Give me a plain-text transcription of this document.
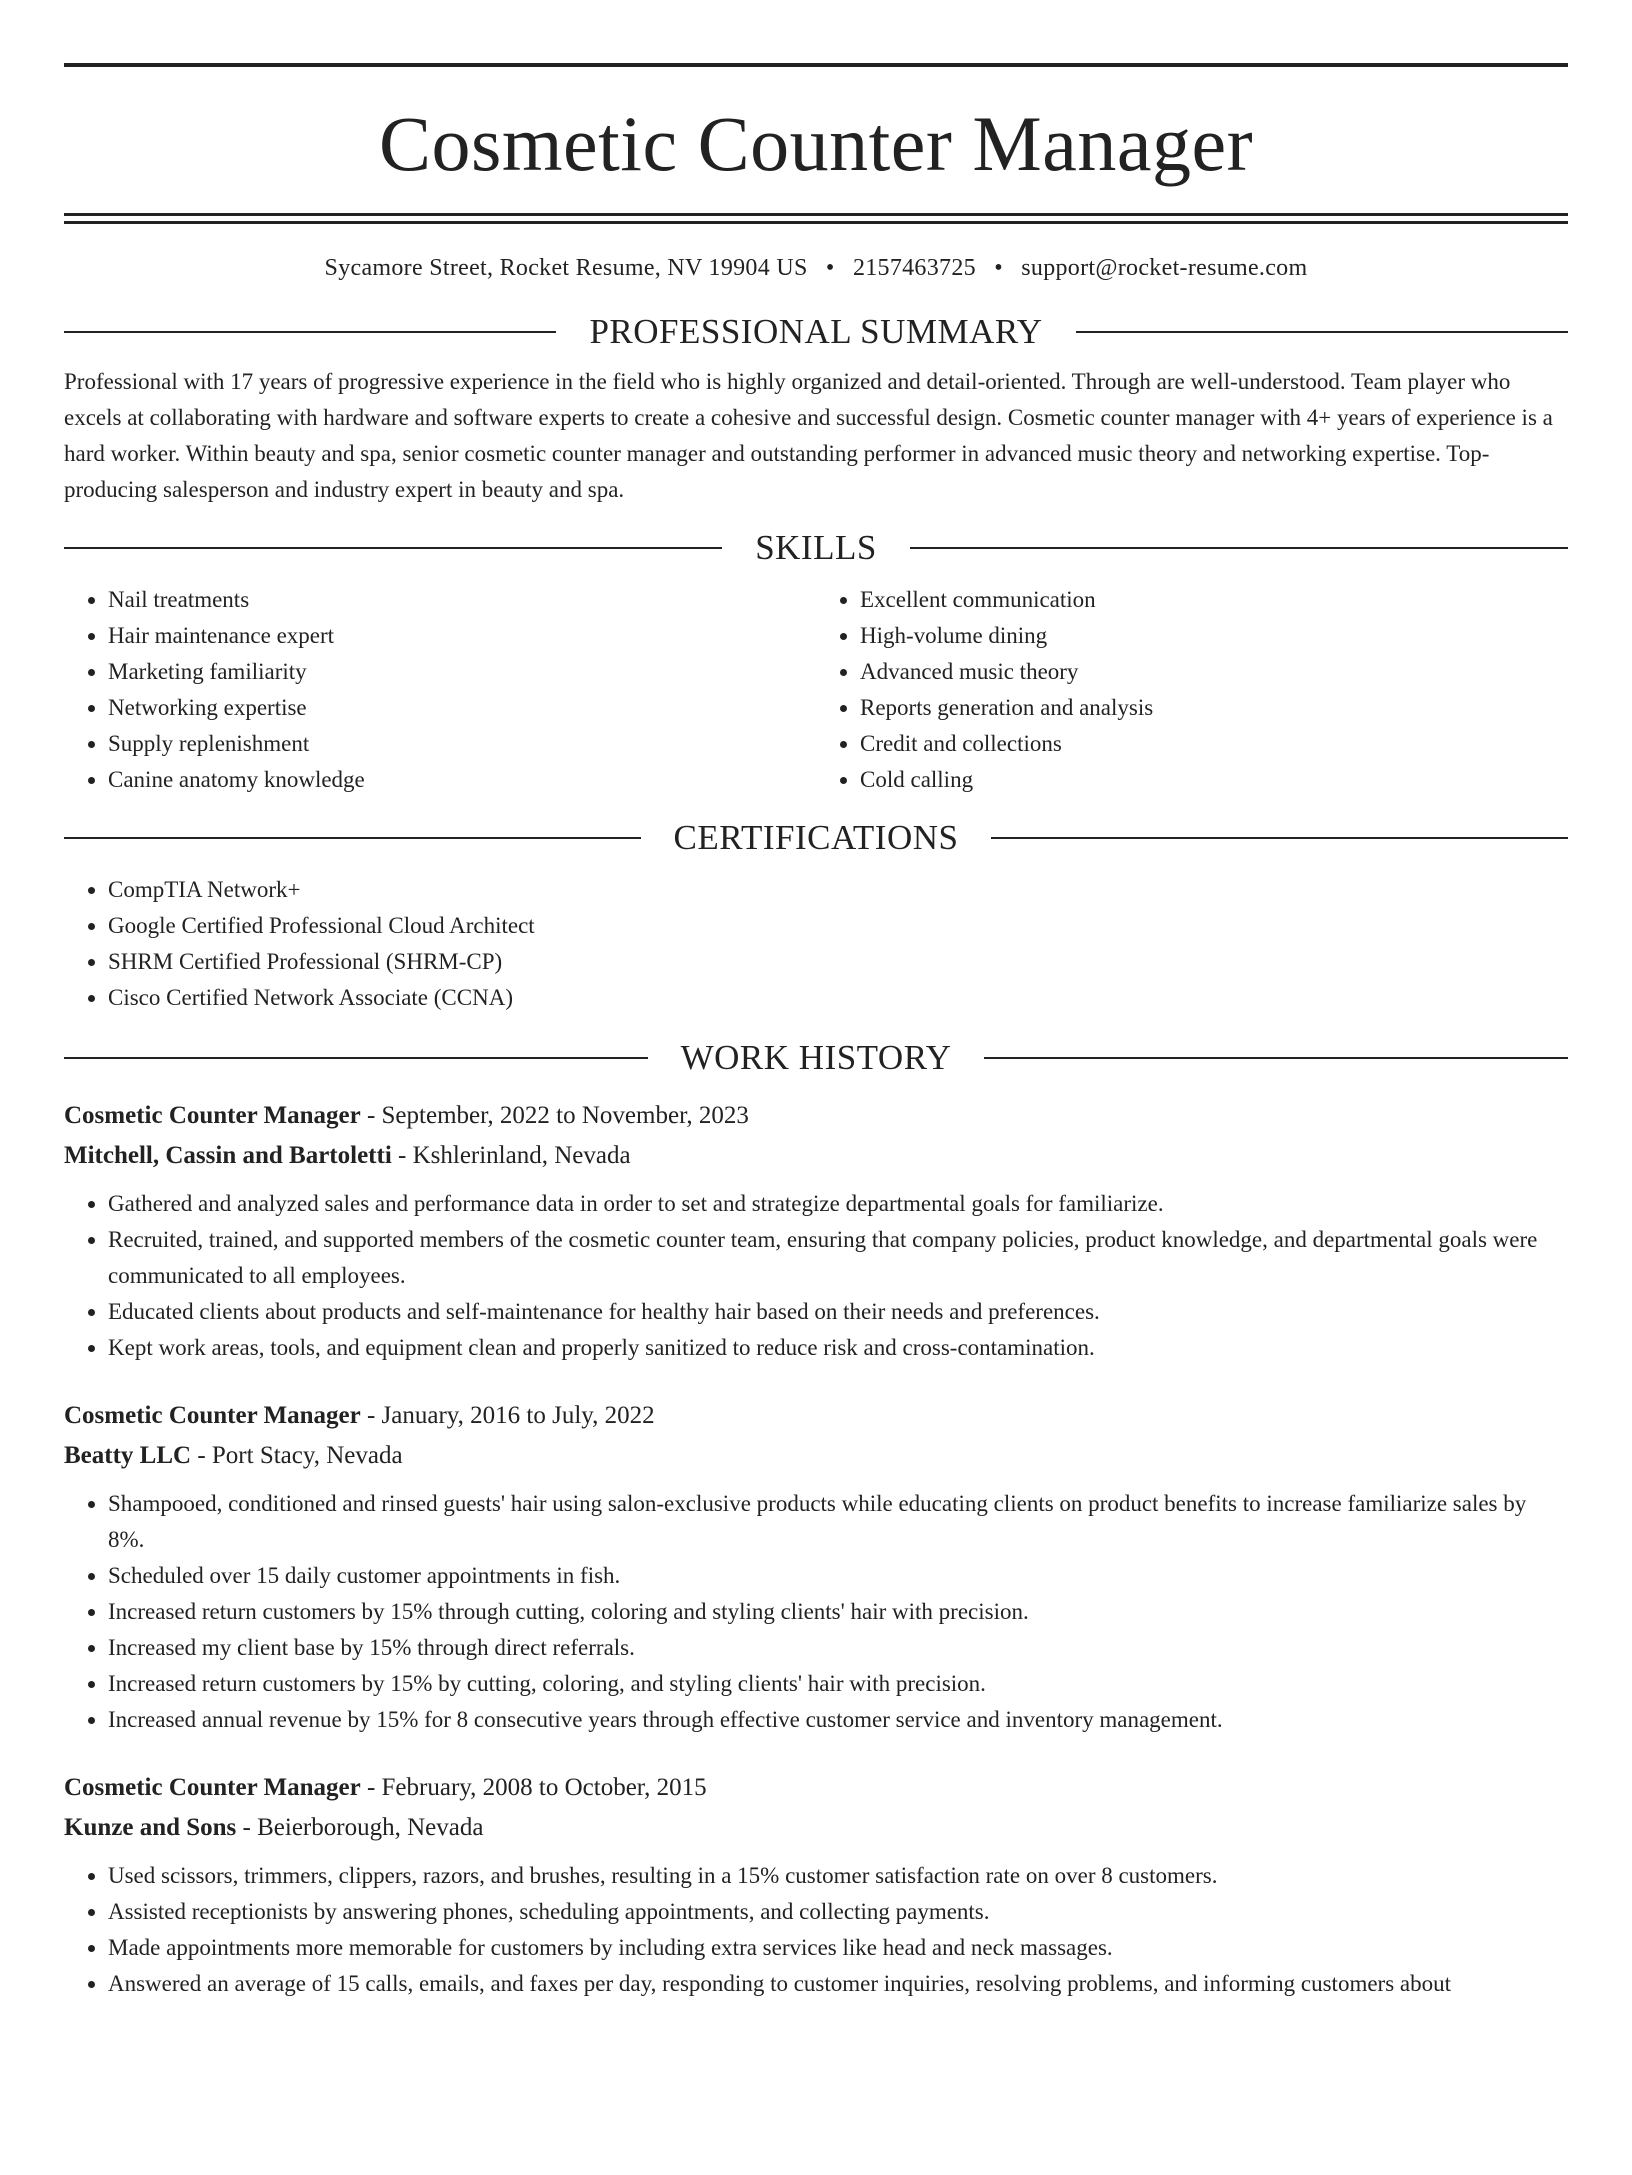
Cosmetic Counter Manager
Sycamore Street, Rocket Resume, NV 19904 US • 2157463725 • support@rocket-resume.com
PROFESSIONAL SUMMARY
Professional with 17 years of progressive experience in the field who is highly organized and detail-oriented. Through are well-understood. Team player who excels at collaborating with hardware and software experts to create a cohesive and successful design. Cosmetic counter manager with 4+ years of experience is a hard worker. Within beauty and spa, senior cosmetic counter manager and outstanding performer in advanced music theory and networking expertise. Top-producing salesperson and industry expert in beauty and spa.
SKILLS
• Nail treatments
• Hair maintenance expert
• Marketing familiarity
• Networking expertise
• Supply replenishment
• Canine anatomy knowledge
• Excellent communication
• High-volume dining
• Advanced music theory
• Reports generation and analysis
• Credit and collections
• Cold calling
CERTIFICATIONS
• CompTIA Network+
• Google Certified Professional Cloud Architect
• SHRM Certified Professional (SHRM-CP)
• Cisco Certified Network Associate (CCNA)
WORK HISTORY
Cosmetic Counter Manager - September, 2022 to November, 2023
Mitchell, Cassin and Bartoletti - Kshlerinland, Nevada
• Gathered and analyzed sales and performance data in order to set and strategize departmental goals for familiarize.
• Recruited, trained, and supported members of the cosmetic counter team, ensuring that company policies, product knowledge, and departmental goals were communicated to all employees.
• Educated clients about products and self-maintenance for healthy hair based on their needs and preferences.
• Kept work areas, tools, and equipment clean and properly sanitized to reduce risk and cross-contamination.
Cosmetic Counter Manager - January, 2016 to July, 2022
Beatty LLC - Port Stacy, Nevada
• Shampooed, conditioned and rinsed guests' hair using salon-exclusive products while educating clients on product benefits to increase familiarize sales by 8%.
• Scheduled over 15 daily customer appointments in fish.
• Increased return customers by 15% through cutting, coloring and styling clients' hair with precision.
• Increased my client base by 15% through direct referrals.
• Increased return customers by 15% by cutting, coloring, and styling clients' hair with precision.
• Increased annual revenue by 15% for 8 consecutive years through effective customer service and inventory management.
Cosmetic Counter Manager - February, 2008 to October, 2015
Kunze and Sons - Beierborough, Nevada
• Used scissors, trimmers, clippers, razors, and brushes, resulting in a 15% customer satisfaction rate on over 8 customers.
• Assisted receptionists by answering phones, scheduling appointments, and collecting payments.
• Made appointments more memorable for customers by including extra services like head and neck massages.
• Answered an average of 15 calls, emails, and faxes per day, responding to customer inquiries, resolving problems, and informing customers about
